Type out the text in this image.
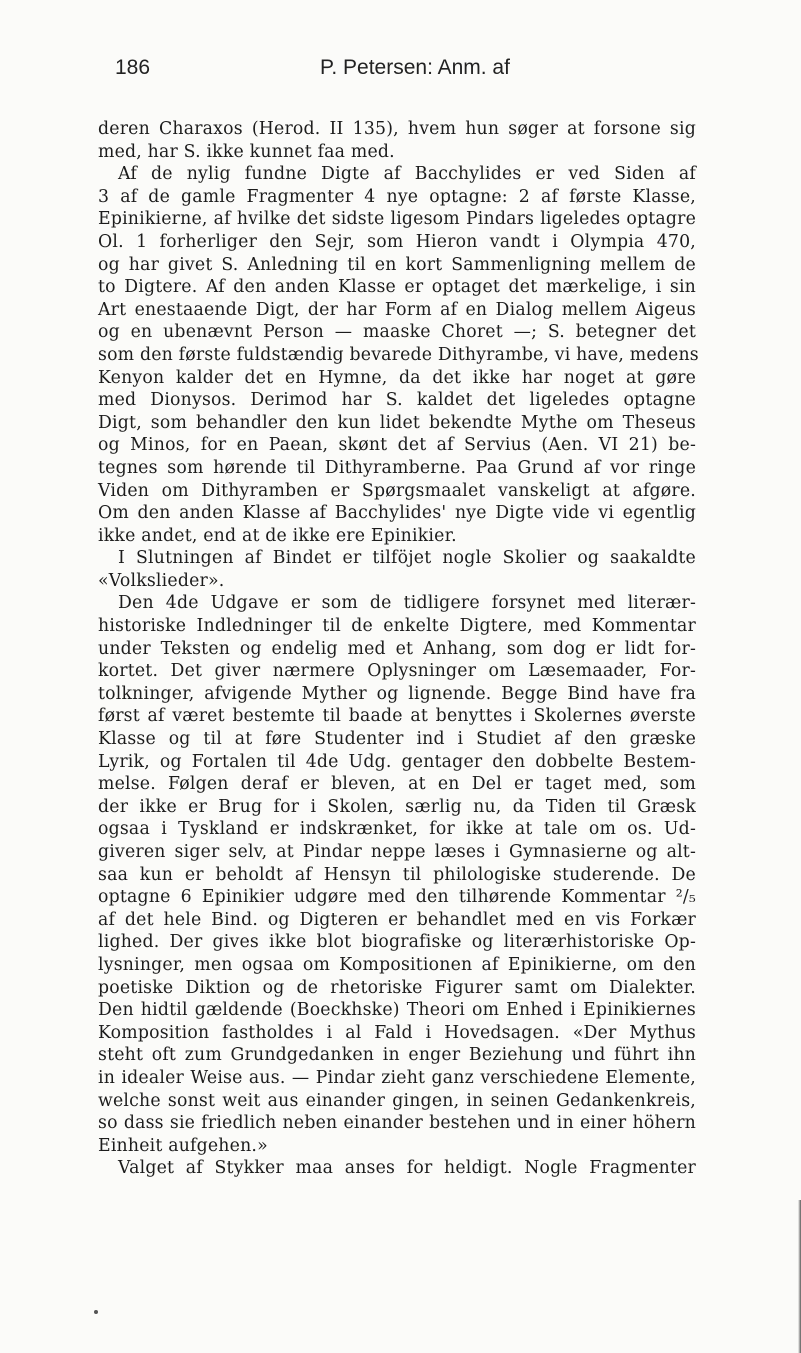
186	P. Petersen: Anm. af
deren Charaxos (Herod. II 135), hvem hun søger at forsone sig
med, har S. ikke kunnet faa med.
Af de nylig fundne Digte af Bacchylides er ved Siden af
3 af de gamle Fragmenter 4 nye optagne: 2 af første Klasse,
Epinikierne, af hvilke det sidste ligesom Pindars ligeledes optagre
Ol. 1 forherliger den Sejr, som Hieron vandt i Olympia 470,
og har givet S. Anledning til en kort Sammenligning mellem de
to Digtere. Af den anden Klasse er optaget det mærkelige, i sin
Art enestaaende Digt, der har Form af en Dialog mellem Aigeus
og en ubenævnt Person — maaske Choret —; S. betegner det
som den første fuldstændig bevarede Dithyrambe, vi have, medens
Kenyon kalder det en Hymne, da det ikke har noget at gøre
med Dionysos. Derimod har S. kaldet det ligeledes optagne
Digt, som behandler den kun lidet bekendte Mythe om Theseus
og Minos, for en Paean, skønt det af Servius (Aen. VI 21) be-
tegnes som hørende til Dithyramberne. Paa Grund af vor ringe
Viden om Dithyramben er Spørgsmaalet vanskeligt at afgøre.
Om den anden Klasse af Bacchylides' nye Digte vide vi egentlig
ikke andet, end at de ikke ere Epinikier.
I Slutningen af Bindet er tilföjet nogle Skolier og saakaldte
«Volkslieder».
Den 4de Udgave er som de tidligere forsynet med literær-
historiske Indledninger til de enkelte Digtere, med Kommentar
under Teksten og endelig med et Anhang, som dog er lidt for-
kortet. Det giver nærmere Oplysninger om Læsemaader, For-
tolkninger, afvigende Myther og lignende. Begge Bind have fra
først af været bestemte til baade at benyttes i Skolernes øverste
Klasse og til at føre Studenter ind i Studiet af den græske
Lyrik, og Fortalen til 4de Udg. gentager den dobbelte Bestem-
melse. Følgen deraf er bleven, at en Del er taget med, som
der ikke er Brug for i Skolen, særlig nu, da Tiden til Græsk
ogsaa i Tyskland er indskrænket, for ikke at tale om os. Ud-
giveren siger selv, at Pindar neppe læses i Gymnasierne og alt-
saa kun er beholdt af Hensyn til philologiske studerende. De
optagne 6 Epinikier udgøre med den tilhørende Kommentar ²/₅
af det hele Bind. og Digteren er behandlet med en vis Forkær
lighed. Der gives ikke blot biografiske og literærhistoriske Op-
lysninger, men ogsaa om Kompositionen af Epinikierne, om den
poetiske Diktion og de rhetoriske Figurer samt om Dialekter.
Den hidtil gældende (Boeckhske) Theori om Enhed i Epinikiernes
Komposition fastholdes i al Fald i Hovedsagen. «Der Mythus
steht oft zum Grundgedanken in enger Beziehung und führt ihn
in idealer Weise aus. — Pindar zieht ganz verschiedene Elemente,
welche sonst weit aus einander gingen, in seinen Gedankenkreis,
so dass sie friedlich neben einander bestehen und in einer höhern
Einheit aufgehen.»
Valget af Stykker maa anses for heldigt. Nogle Fragmenter
